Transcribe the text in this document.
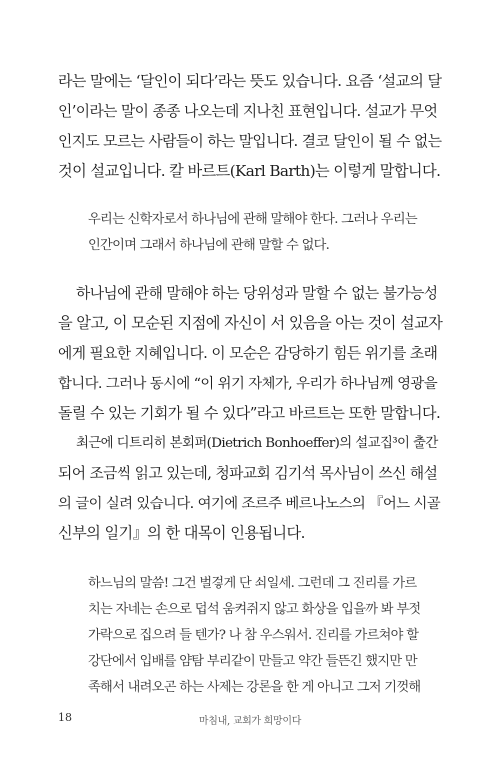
라는 말에는 ‘달인이 되다’라는 뜻도 있습니다. 요즘 ‘설교의 달
인’이라는 말이 종종 나오는데 지나친 표현입니다. 설교가 무엇
인지도 모르는 사람들이 하는 말입니다. 결코 달인이 될 수 없는
것이 설교입니다. 칼 바르트(Karl Barth)는 이렇게 말합니다.
우리는 신학자로서 하나님에 관해 말해야 한다. 그러나 우리는
인간이며 그래서 하나님에 관해 말할 수 없다.
하나님에 관해 말해야 하는 당위성과 말할 수 없는 불가능성
을 알고, 이 모순된 지점에 자신이 서 있음을 아는 것이 설교자
에게 필요한 지혜입니다. 이 모순은 감당하기 힘든 위기를 초래
합니다. 그러나 동시에 “이 위기 자체가, 우리가 하나님께 영광을
돌릴 수 있는 기회가 될 수 있다”라고 바르트는 또한 말합니다.
최근에 디트리히 본회퍼(Dietrich Bonhoeffer)의 설교집³이 출간
되어 조금씩 읽고 있는데, 청파교회 김기석 목사님이 쓰신 해설
의 글이 실려 있습니다. 여기에 조르주 베르나노스의 『어느 시골
신부의 일기』의 한 대목이 인용됩니다.
하느님의 말씀! 그건 벌겋게 단 쇠일세. 그런데 그 진리를 가르
치는 자네는 손으로 덥석 움켜쥐지 않고 화상을 입을까 봐 부젓
가락으로 집으려 들 텐가? 나 참 우스워서. 진리를 가르쳐야 할
강단에서 입배를 얌탐 부리같이 만들고 약간 들뜬긴 했지만 만
족해서 내려오곤 하는 사제는 강론을 한 게 아니고 그저 기껏해
18	마침내, 교회가 희망이다
